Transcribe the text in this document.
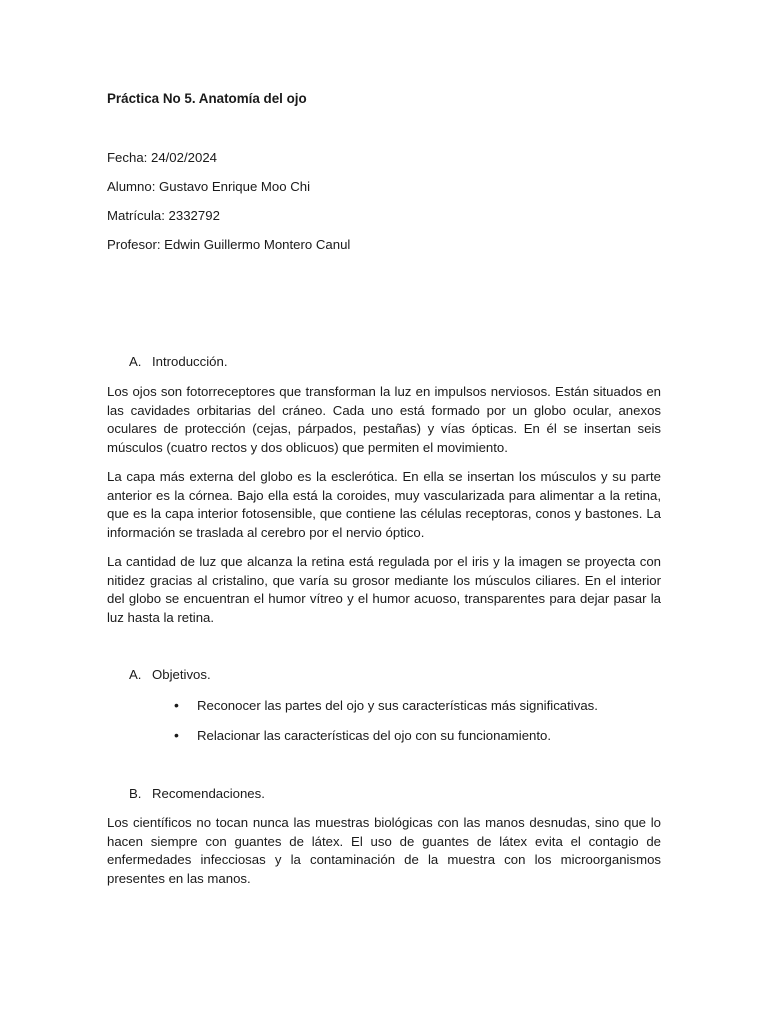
Práctica No 5. Anatomía del ojo
Fecha: 24/02/2024
Alumno: Gustavo Enrique Moo Chi
Matrícula: 2332792
Profesor: Edwin Guillermo Montero Canul
A. Introducción.
Los ojos son fotorreceptores que transforman la luz en impulsos nerviosos. Están situados en las cavidades orbitarias del cráneo. Cada uno está formado por un globo ocular, anexos oculares de protección (cejas, párpados, pestañas) y vías ópticas. En él se insertan seis músculos (cuatro rectos y dos oblicuos) que permiten el movimiento.
La capa más externa del globo es la esclerótica. En ella se insertan los músculos y su parte anterior es la córnea. Bajo ella está la coroides, muy vascularizada para alimentar a la retina, que es la capa interior fotosensible, que contiene las células receptoras, conos y bastones. La información se traslada al cerebro por el nervio óptico.
La cantidad de luz que alcanza la retina está regulada por el iris y la imagen se proyecta con nitidez gracias al cristalino, que varía su grosor mediante los músculos ciliares. En el interior del globo se encuentran el humor vítreo y el humor acuoso, transparentes para dejar pasar la luz hasta la retina.
A. Objetivos.
• Reconocer las partes del ojo y sus características más significativas.
• Relacionar las características del ojo con su funcionamiento.
B. Recomendaciones.
Los científicos no tocan nunca las muestras biológicas con las manos desnudas, sino que lo hacen siempre con guantes de látex. El uso de guantes de látex evita el contagio de enfermedades infecciosas y la contaminación de la muestra con los microorganismos presentes en las manos.
